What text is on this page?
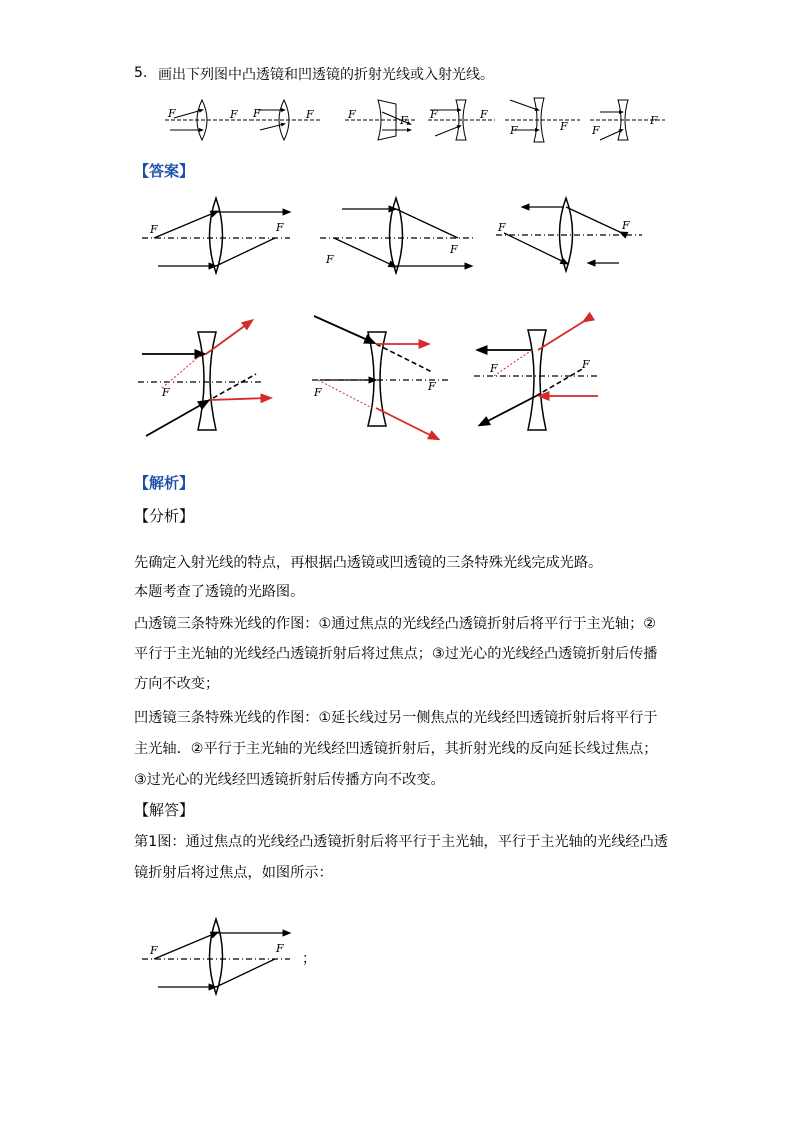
5. 画出下列图中凸透镜和凹透镜的折射光线或入射光线。
F	F F	F	F	F F	F
F	F F
F
【答案】
F	F
F
F
F	F
F	F	F
F	F
【解析】
【分析】
先确定入射光线的特点，再根据凸透镜或凹透镜的三条特殊光线完成光路。
本题考查了透镜的光路图。
凸透镜三条特殊光线的作图：①通过焦点的光线经凸透镜折射后将平行于主光轴；②
平行于主光轴的光线经凸透镜折射后将过焦点；③过光心的光线经凸透镜折射后传播
方向不改变；
凹透镜三条特殊光线的作图：①延长线过另一侧焦点的光线经凹透镜折射后将平行于
主光轴．②平行于主光轴的光线经凹透镜折射后，其折射光线的反向延长线过焦点；
③过光心的光线经凹透镜折射后传播方向不改变。
【解答】
第1图：通过焦点的光线经凸透镜折射后将平行于主光轴，平行于主光轴的光线经凸透
镜折射后将过焦点，如图所示：
F	F
；
